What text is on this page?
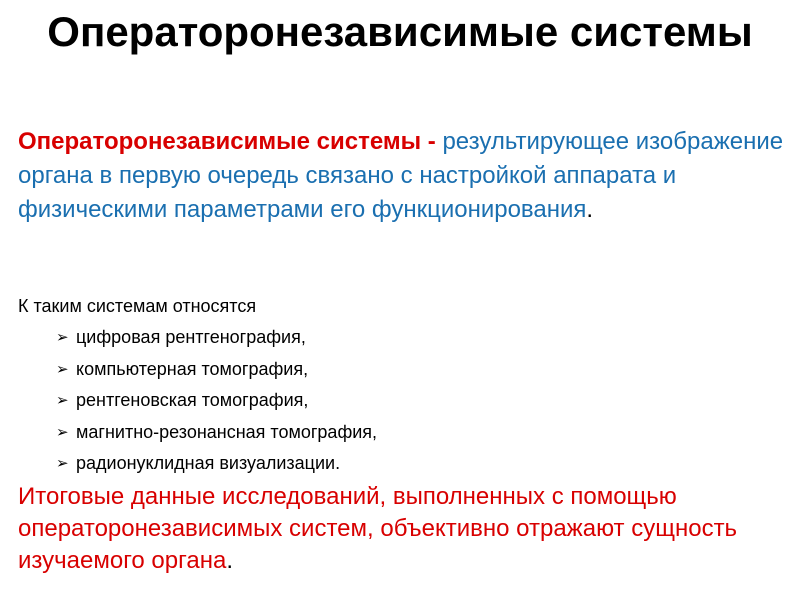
Операторонезависимые системы
Операторонезависимые системы - результирующее изображение органа в первую очередь связано с настройкой аппарата и физическими параметрами его функционирования.
К таким системам относятся
➢ цифровая рентгенография,
➢ компьютерная томография,
➢ рентгеновская томография,
➢ магнитно-резонансная томография,
➢ радионуклидная визуализации.
Итоговые данные исследований, выполненных с помощью операторонезависимых систем, объективно отражают сущность изучаемого органа.
